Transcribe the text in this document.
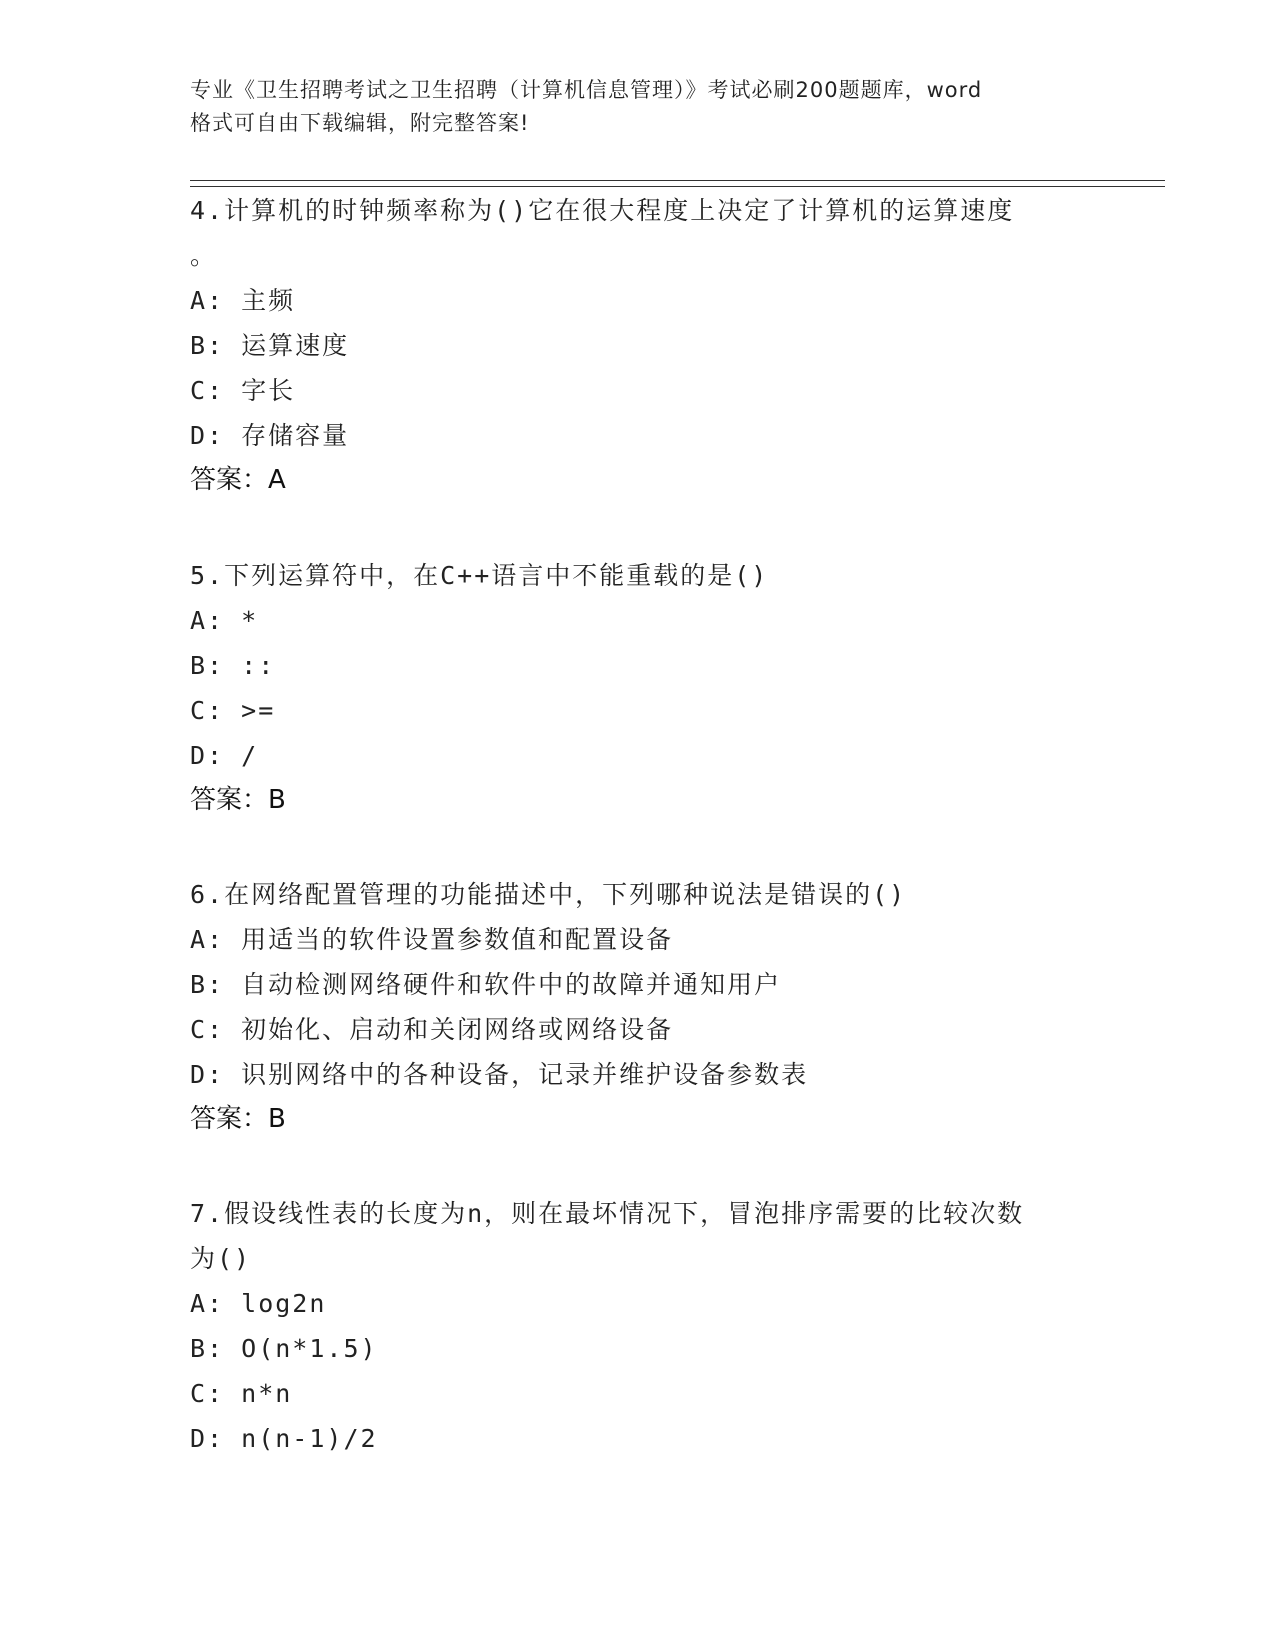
专业《卫生招聘考试之卫生招聘（计算机信息管理）》考试必刷200题题库，word
格式可自由下载编辑，附完整答案!

4.计算机的时钟频率称为()它在很大程度上决定了计算机的运算速度

。

A: 主频

B: 运算速度

C: 字长

D: 存储容量

答案：A

5.下列运算符中，在C++语言中不能重载的是()

A: *

B: ::

C: >=

D: /

答案：B

6.在网络配置管理的功能描述中，下列哪种说法是错误的()

A: 用适当的软件设置参数值和配置设备

B: 自动检测网络硬件和软件中的故障并通知用户

C: 初始化、启动和关闭网络或网络设备

D: 识别网络中的各种设备，记录并维护设备参数表

答案：B

7.假设线性表的长度为n，则在最坏情况下，冒泡排序需要的比较次数

为()

A: log2n

B: O(n*1.5)

C: n*n

D: n(n-1)/2
